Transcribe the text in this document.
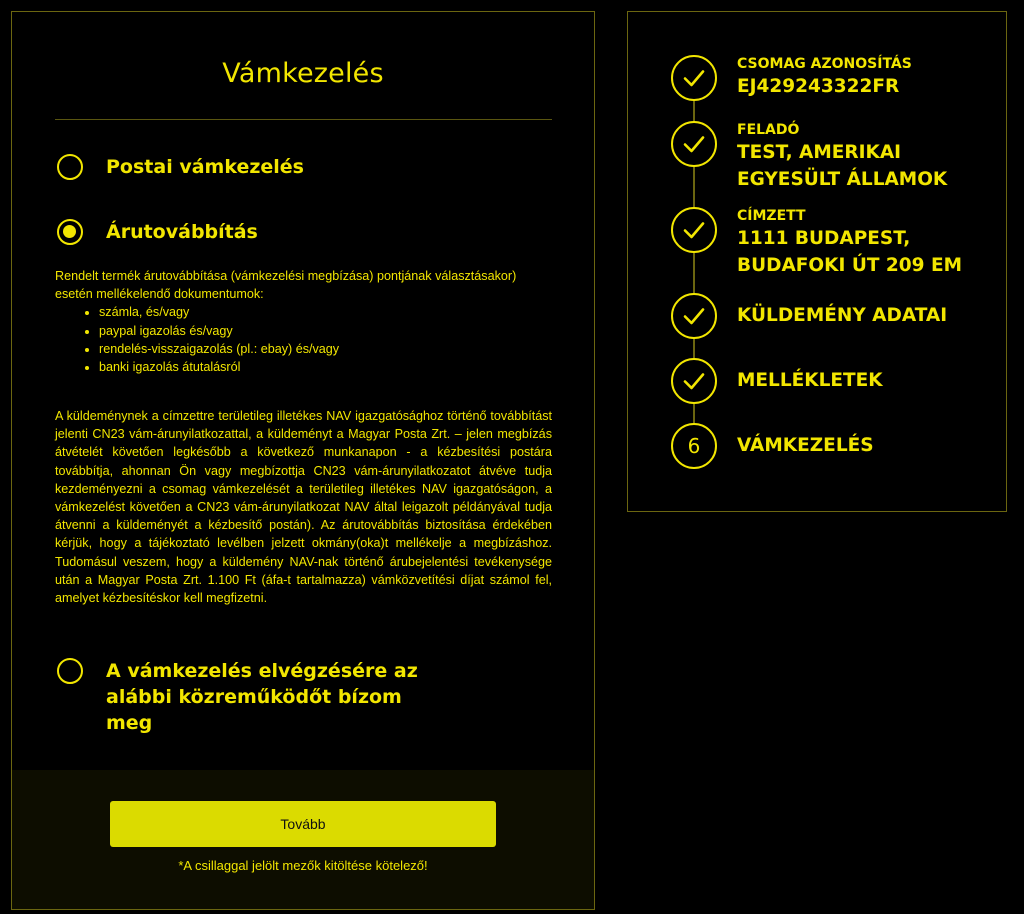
Vámkezelés
Postai vámkezelés
Árutovábbítás

Rendelt termék árutovábbítása (vámkezelési megbízása) pontjának választásakor) esetén mellékelendő dokumentumok:

• számla, és/vagy
• paypal igazolás és/vagy
• rendelés-visszaigazolás (pl.: ebay) és/vagy
• banki igazolás átutalásról

A küldeménynek a címzettre területileg illetékes NAV igazgatósághoz történő továbbítást jelenti CN23 vám-árunyilatkozattal, a küldeményt a Magyar Posta Zrt. – jelen megbízás átvételét követően legkésőbb a következő munkanapon - a kézbesítési postára továbbítja, ahonnan Ön vagy megbízottja CN23 vám-árunyilatkozatot átvéve tudja kezdeményezni a csomag vámkezelését a területileg illetékes NAV igazgatóságon, a vámkezelést követően a CN23 vám-árunyilatkozat NAV által leigazolt példányával tudja átvenni a küldeményét a kézbesítő postán). Az árutovábbítás biztosítása érdekében kérjük, hogy a tájékoztató levélben jelzett okmány(oka)t mellékelje a megbízáshoz. Tudomásul veszem, hogy a küldemény NAV-nak történő árubejelentési tevékenysége után a Magyar Posta Zrt. 1.100 Ft (áfa-t tartalmazza) vámközvetítési díjat számol fel, amelyet kézbesítéskor kell megfizetni.

A vámkezelés elvégzésére az alábbi közreműködőt bízom meg
Tovább
*A csillaggal jelölt mezők kitöltése kötelező!
CSOMAG AZONOSÍTÁS
EJ429243322FR
FELADÓ
TEST, AMERIKAI
EGYESÜLT ÁLLAMOK
CÍMZETT
1111 BUDAPEST,
BUDAFOKI ÚT 209 EM
KÜLDEMÉNY ADATAI
MELLÉKLETEK
6 VÁMKEZELÉS
